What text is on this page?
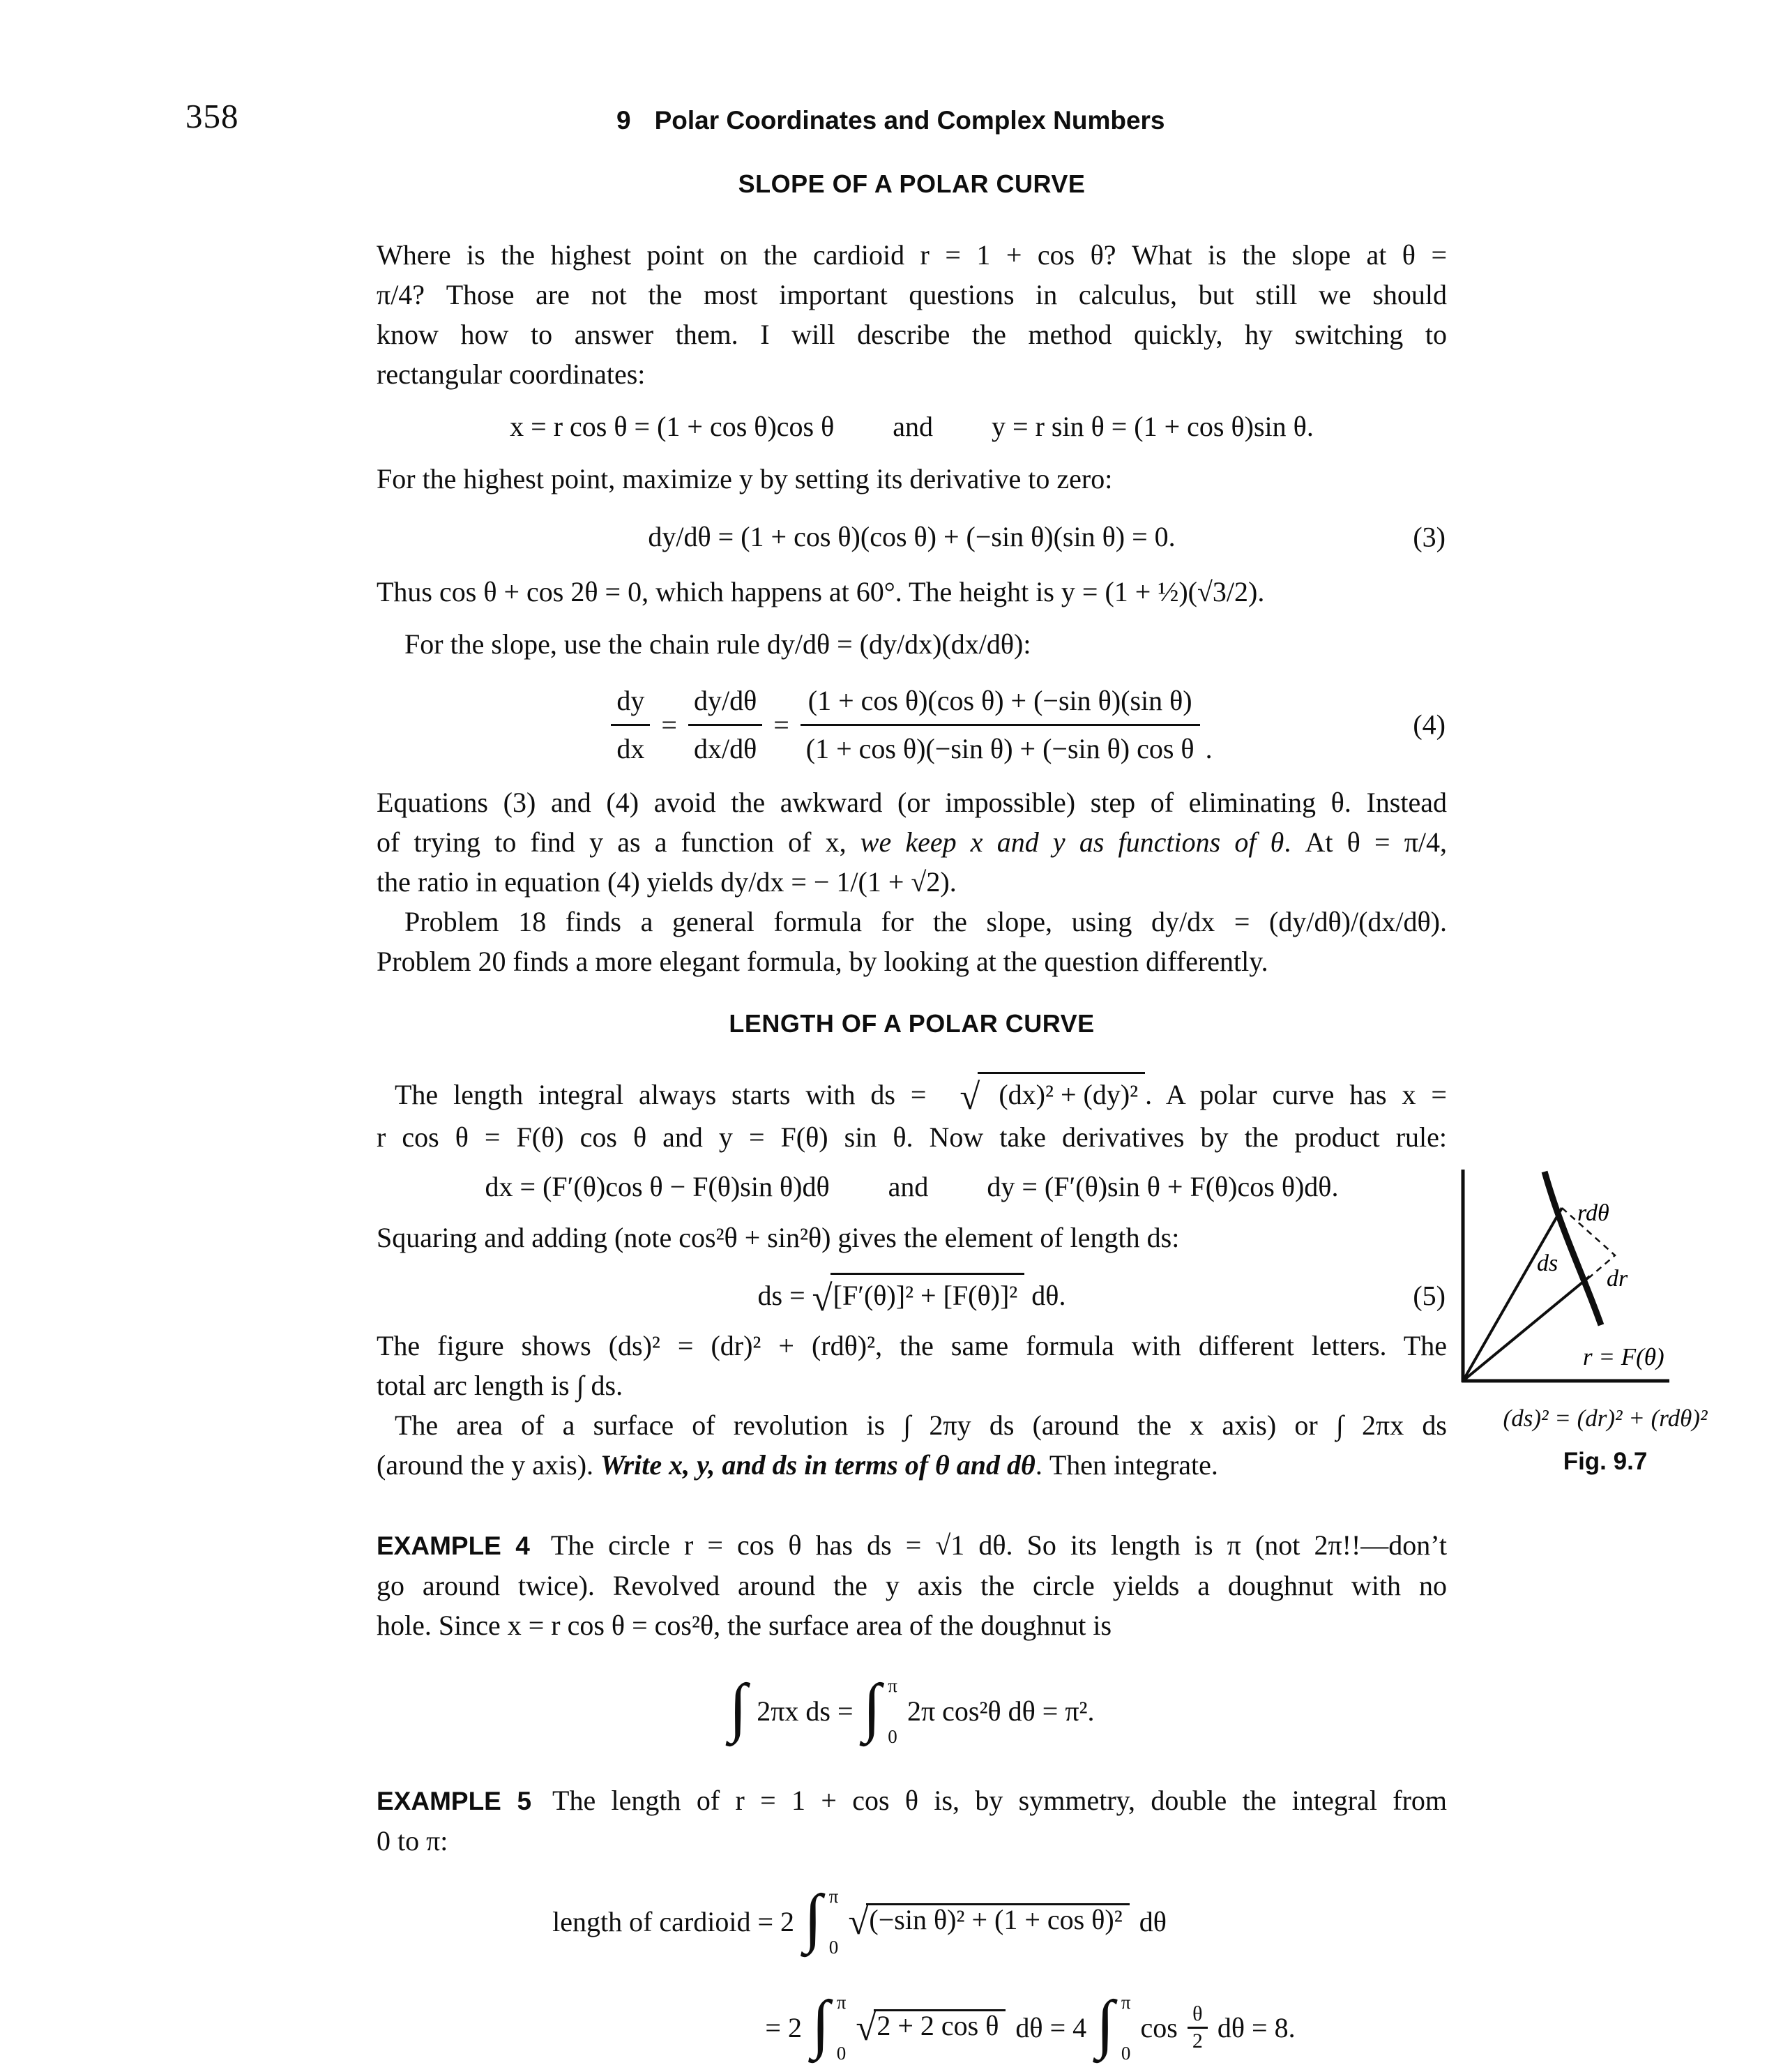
358	9 Polar Coordinates and Complex Numbers
SLOPE OF A POLAR CURVE
Where is the highest point on the cardioid r = 1 + cos θ? What is the slope at θ =
π/4? Those are not the most important questions in calculus, but still we should
know how to answer them. I will describe the method quickly, hy switching to
rectangular coordinates:
x = r cos θ = (1 + cos θ)cos θ and y = r sin θ = (1 + cos θ)sin θ.
For the highest point, maximize y by setting its derivative to zero:
dy/dθ = (1 + cos θ)(cos θ) + (−sin θ)(sin θ) = 0.	(3)
Thus cos θ + cos 2θ = 0, which happens at 60°. The height is y = (1 + ½)(√3/2).
For the slope, use the chain rule dy/dθ = (dy/dx)(dx/dθ):
$\frac{dy}{dx} = \frac{dy/d\theta}{dx/d\theta} = \frac{\text{(1 + cos θ)(cos θ) + (−sin θ)(sin θ)}}{\text{(1 + cos θ)(−sin θ) + (−sin θ) cos θ}}$ .
(4)
Equations (3) and (4) avoid the awkward (or impossible) step of eliminating θ. Instead
of trying to find y as a function of x, we keep x and y as functions of θ. At θ = π/4,
the ratio in equation (4) yields dy/dx = − 1/(1 + √2).
Problem 18 finds a general formula for the slope, using dy/dx = (dy/dθ)/(dx/dθ).
Problem 20 finds a more elegant formula, by looking at the question differently.
LENGTH OF A POLAR CURVE
The length integral always starts with ds = √ (dx)² + (dy)² . A polar curve has x =
r cos θ = F(θ) cos θ and y = F(θ) sin θ. Now take derivatives by the product rule:
dx = (F′(θ)cos θ − F(θ)sin θ)dθ and dy = (F′(θ)sin θ + F(θ)cos θ)dθ.
Squaring and adding (note cos²θ + sin²θ) gives the element of length ds:
ds = √[F′(θ)]² + [F(θ)]² dθ.	(5)
The figure shows (ds)² = (dr)² + (rdθ)², the same formula with different letters. The
total arc length is ∫ ds.
The area of a surface of revolution is ∫ 2πy ds (around the x axis) or ∫ 2πx ds
(around the y axis). Write x, y, and ds in terms of θ and dθ. Then integrate.
EXAMPLE 4 The circle r = cos θ has ds = √1 dθ. So its length is π (not 2π!!—don’t
go around twice). Revolved around the y axis the circle yields a doughnut with no
hole. Since x = r cos θ = cos²θ, the surface area of the doughnut is
∫ 2πx ds = ∫ π
0
2π cos²θ dθ = π².
EXAMPLE 5 The length of r = 1 + cos θ is, by symmetry, double the integral from
0 to π:
length of cardioid = 2 ∫ π
0
√(−sin θ)² + (1 + cos θ)² dθ
= 2 ∫ π
0
√2 + 2 cos θ dθ = 4 ∫ π
0
$\cos \frac{\theta}{2}$ dθ = 8.
rdθ
ds
dr
r = F(θ)
(ds)² = (dr)² + (rdθ)²
Fig. 9.7
